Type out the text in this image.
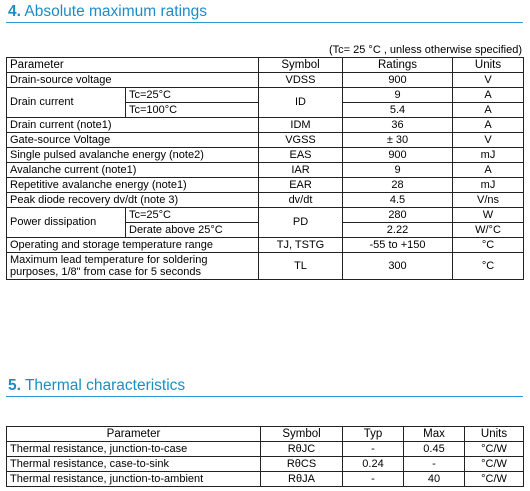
4. Absolute maximum ratings
(Tc= 25 °C , unless otherwise specified)
Parameter		Symbol	Ratings	Units
Drain-source voltage		VDSS	900	V
Drain current	Tc=25°C	ID	9	A
	Tc=100°C		5.4	A
Drain current (note1)		IDM	36	A
Gate-source Voltage		VGSS	± 30	V
Single pulsed avalanche energy (note2)		EAS	900	mJ
Avalanche current (note1)		IAR	9	A
Repetitive avalanche energy (note1)		EAR	28	mJ
Peak diode recovery dv/dt (note 3)		dv/dt	4.5	V/ns
Power dissipation	Tc=25°C	PD	280	W
	Derate above 25°C		2.22	W/°C
Operating and storage temperature range		TJ, TSTG	-55 to +150	°C
Maximum lead temperature for soldering purposes, 1/8" from case for 5 seconds		TL	300	°C
5. Thermal characteristics
Parameter	Symbol	Typ	Max	Units
Thermal resistance, junction-to-case	RθJC	-	0.45	°C/W
Thermal resistance, case-to-sink	RθCS	0.24	-	°C/W
Thermal resistance, junction-to-ambient	RθJA	-	40	°C/W
